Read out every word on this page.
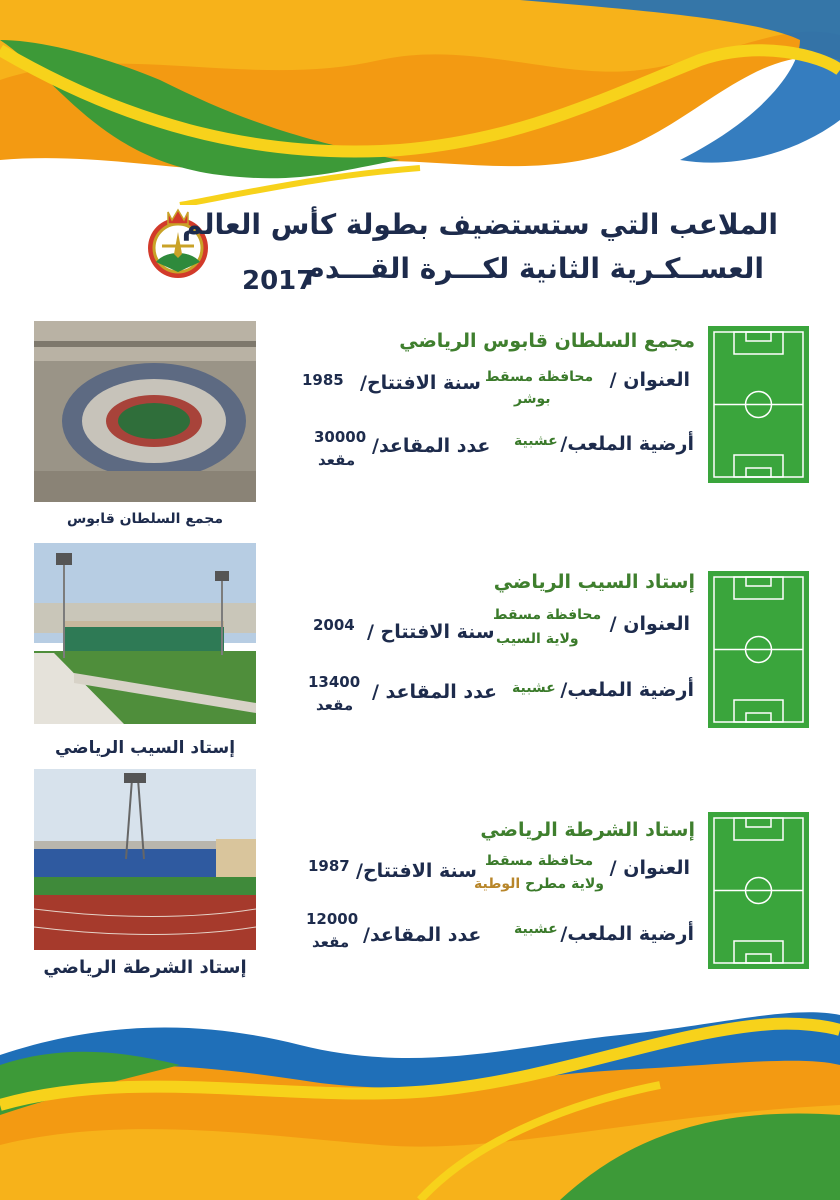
الملاعب التي ستستضيف بطولة كأس العالم
العســكـرية الثانية لكـــرة القـــدم
2017
مجمع السلطان قابوس
مجمع السلطان قابوس الرياضي
العنوان /
محافظة مسقط
بوشر
سنة الافتتاح/
1985
أرضية الملعب/
عشبية
عدد المقاعد/
30000
مقعد
إستاد السيب الرياضي
إستاد السيب الرياضي
العنوان /
محافظة مسقط
ولاية السيب
سنة الافتتاح /
2004
أرضية الملعب/
عشبية
عدد المقاعد /
13400
مقعد
إستاد الشرطة الرياضي
إستاد الشرطة الرياضي
العنوان /
محافظة مسقط
ولاية مطرح الوطية
سنة الافتتاح/
1987
أرضية الملعب/
عشبية
عدد المقاعد/
12000
مقعد
